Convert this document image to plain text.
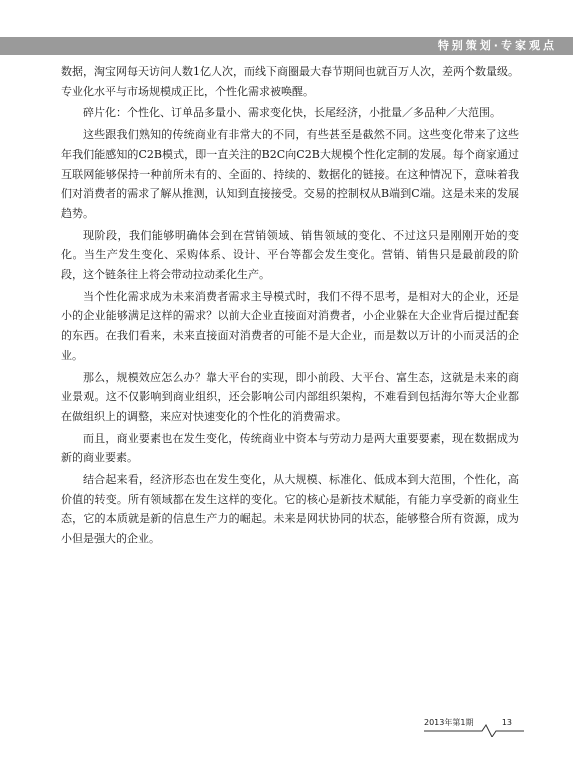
特别策划·专家观点

数据，淘宝网每天访问人数1亿人次，而线下商圈最大春节期间也就百万人次，差两个数量级。专业化水平与市场规模成正比，个性化需求被唤醒。

碎片化：个性化、订单品多量小、需求变化快，长尾经济，小批量／多品种／大范围。

这些跟我们熟知的传统商业有非常大的不同，有些甚至是截然不同。这些变化带来了这些年我们能感知的C2B模式，即一直关注的B2C向C2B大规模个性化定制的发展。每个商家通过互联网能够保持一种前所未有的、全面的、持续的、数据化的链接。在这种情况下，意味着我们对消费者的需求了解从推测，认知到直接接受。交易的控制权从B端到C端。这是未来的发展趋势。

现阶段，我们能够明确体会到在营销领域、销售领域的变化、不过这只是刚刚开始的变化。当生产发生变化、采购体系、设计、平台等都会发生变化。营销、销售只是最前段的阶段，这个链条往上将会带动拉动柔化生产。

当个性化需求成为未来消费者需求主导模式时，我们不得不思考，是相对大的企业，还是小的企业能够满足这样的需求？以前大企业直接面对消费者，小企业躲在大企业背后提过配套的东西。在我们看来，未来直接面对消费者的可能不是大企业，而是数以万计的小而灵活的企业。

那么，规模效应怎么办？靠大平台的实现，即小前段、大平台、富生态，这就是未来的商业景观。这不仅影响到商业组织，还会影响公司内部组织架构，不难看到包括海尔等大企业都在做组织上的调整，来应对快速变化的个性化的消费需求。

而且，商业要素也在发生变化，传统商业中资本与劳动力是两大重要要素，现在数据成为新的商业要素。

结合起来看，经济形态也在发生变化，从大规模、标准化、低成本到大范围，个性化，高价值的转变。所有领域都在发生这样的变化。它的核心是新技术赋能，有能力享受新的商业生态，它的本质就是新的信息生产力的崛起。未来是网状协同的状态，能够整合所有资源，成为小但是强大的企业。

2013年第1期	13
